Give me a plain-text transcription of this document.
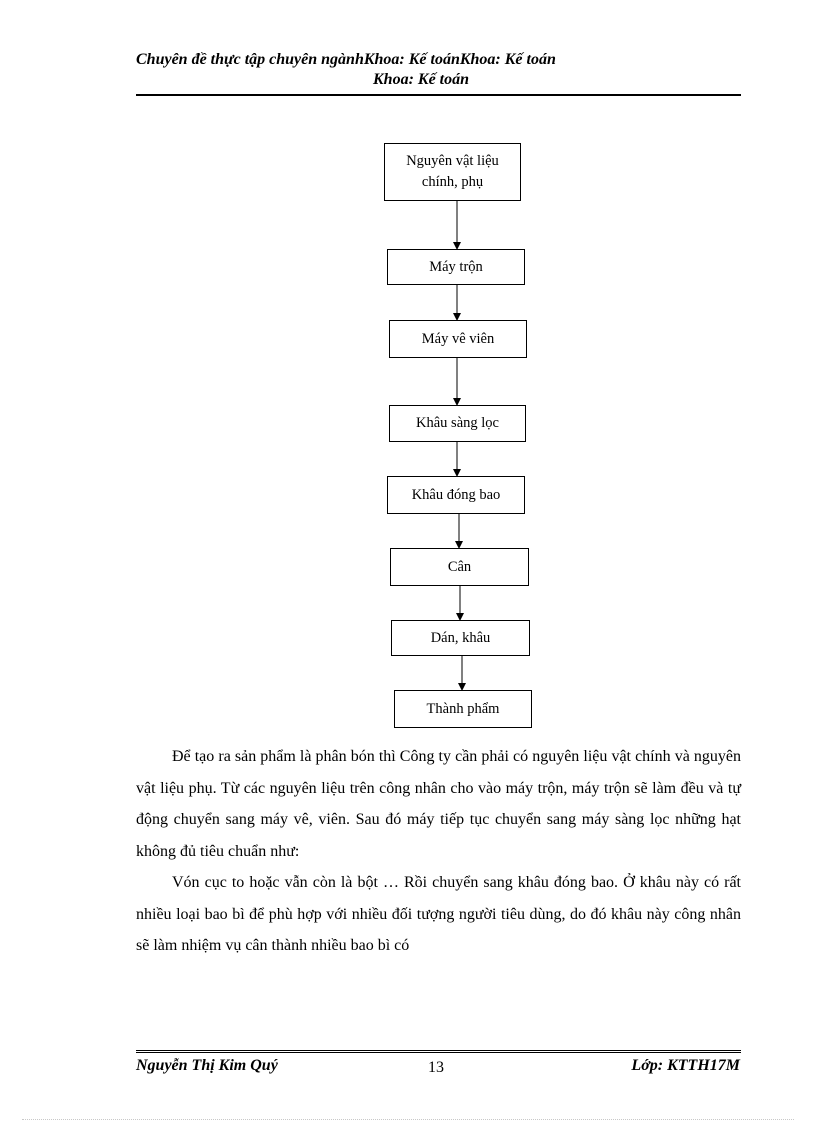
Chuyên đề thực tập chuyên ngànhKhoa: Kế toánKhoa: Kế toán
Khoa: Kế toán
Nguyên vật liệu chính, phụ
Máy trộn
Máy vê viên
Khâu sàng lọc
Khâu đóng bao
Cân
Dán, khâu
Thành phẩm

Để tạo ra sản phẩm là phân bón thì Công ty cần phải có nguyên liệu vật chính và nguyên vật liệu phụ. Từ các nguyên liệu trên công nhân cho vào máy trộn, máy trộn sẽ làm đều và tự động chuyển sang máy vê, viên. Sau đó máy tiếp tục chuyển sang máy sàng lọc những hạt không đủ tiêu chuẩn như:

Vón cục to hoặc vẫn còn là bột … Rồi chuyển sang khâu đóng bao. Ở khâu này có rất nhiều loại bao bì để phù hợp với nhiều đối tượng người tiêu dùng, do đó khâu này công nhân sẽ làm nhiệm vụ cân thành nhiều bao bì có

Nguyễn Thị Kim Quý	13	Lớp: KTTH17M
